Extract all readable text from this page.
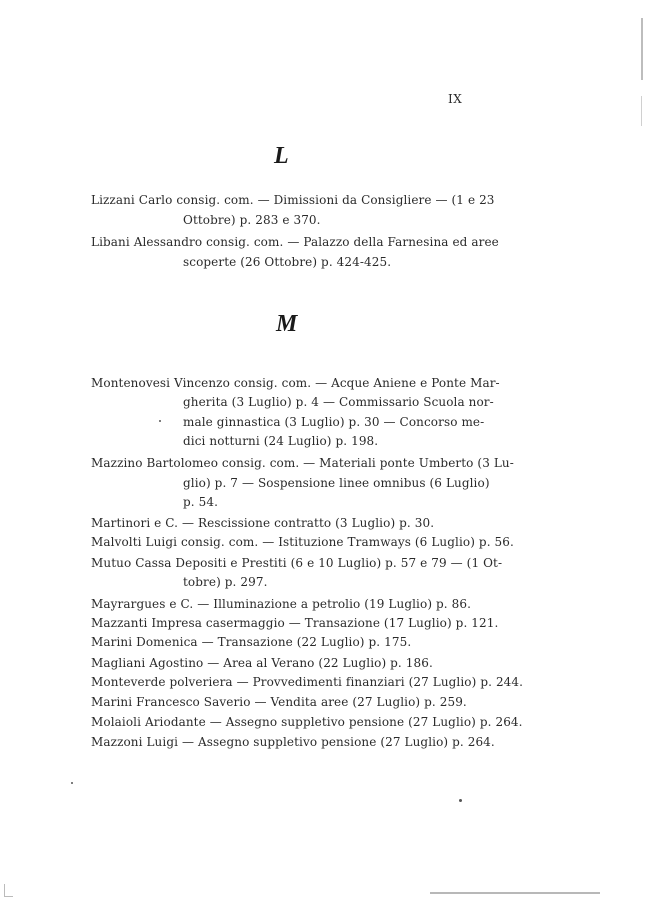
IX
L
Lizzani Carlo consig. com. — Dimissioni da Consigliere — (1 e 23
Ottobre) p. 283 e 370.
Libani Alessandro consig. com. — Palazzo della Farnesina ed aree
scoperte (26 Ottobre) p. 424-425.
Montenovesi Vincenzo consig. com. — Acque Aniene e Ponte Mar-
gherita (3 Luglio) p. 4 — Commissario Scuola nor-
male ginnastica (3 Luglio) p. 30 — Concorso me-
dici notturni (24 Luglio) p. 198.
Mazzino Bartolomeo consig. com. — Materiali ponte Umberto (3 Lu-
glio) p. 7 — Sospensione linee omnibus (6 Luglio)
p. 54.
Martinori e C. — Rescissione contratto (3 Luglio) p. 30.
Malvolti Luigi consig. com. — Istituzione Tramways (6 Luglio) p. 56.
Mutuo Cassa Depositi e Prestiti (6 e 10 Luglio) p. 57 e 79 — (1 Ot-
tobre) p. 297.
Mayrargues e C. — Illuminazione a petrolio (19 Luglio) p. 86.
Mazzanti Impresa casermaggio — Transazione (17 Luglio) p. 121.
Marini Domenica — Transazione (22 Luglio) p. 175.
Magliani Agostino — Area al Verano (22 Luglio) p. 186.
Monteverde polveriera — Provvedimenti finanziari (27 Luglio) p. 244.
Marini Francesco Saverio — Vendita aree (27 Luglio) p. 259.
Molaioli Ariodante — Assegno suppletivo pensione (27 Luglio) p. 264.
Mazzoni Luigi — Assegno suppletivo pensione (27 Luglio) p. 264.
M
